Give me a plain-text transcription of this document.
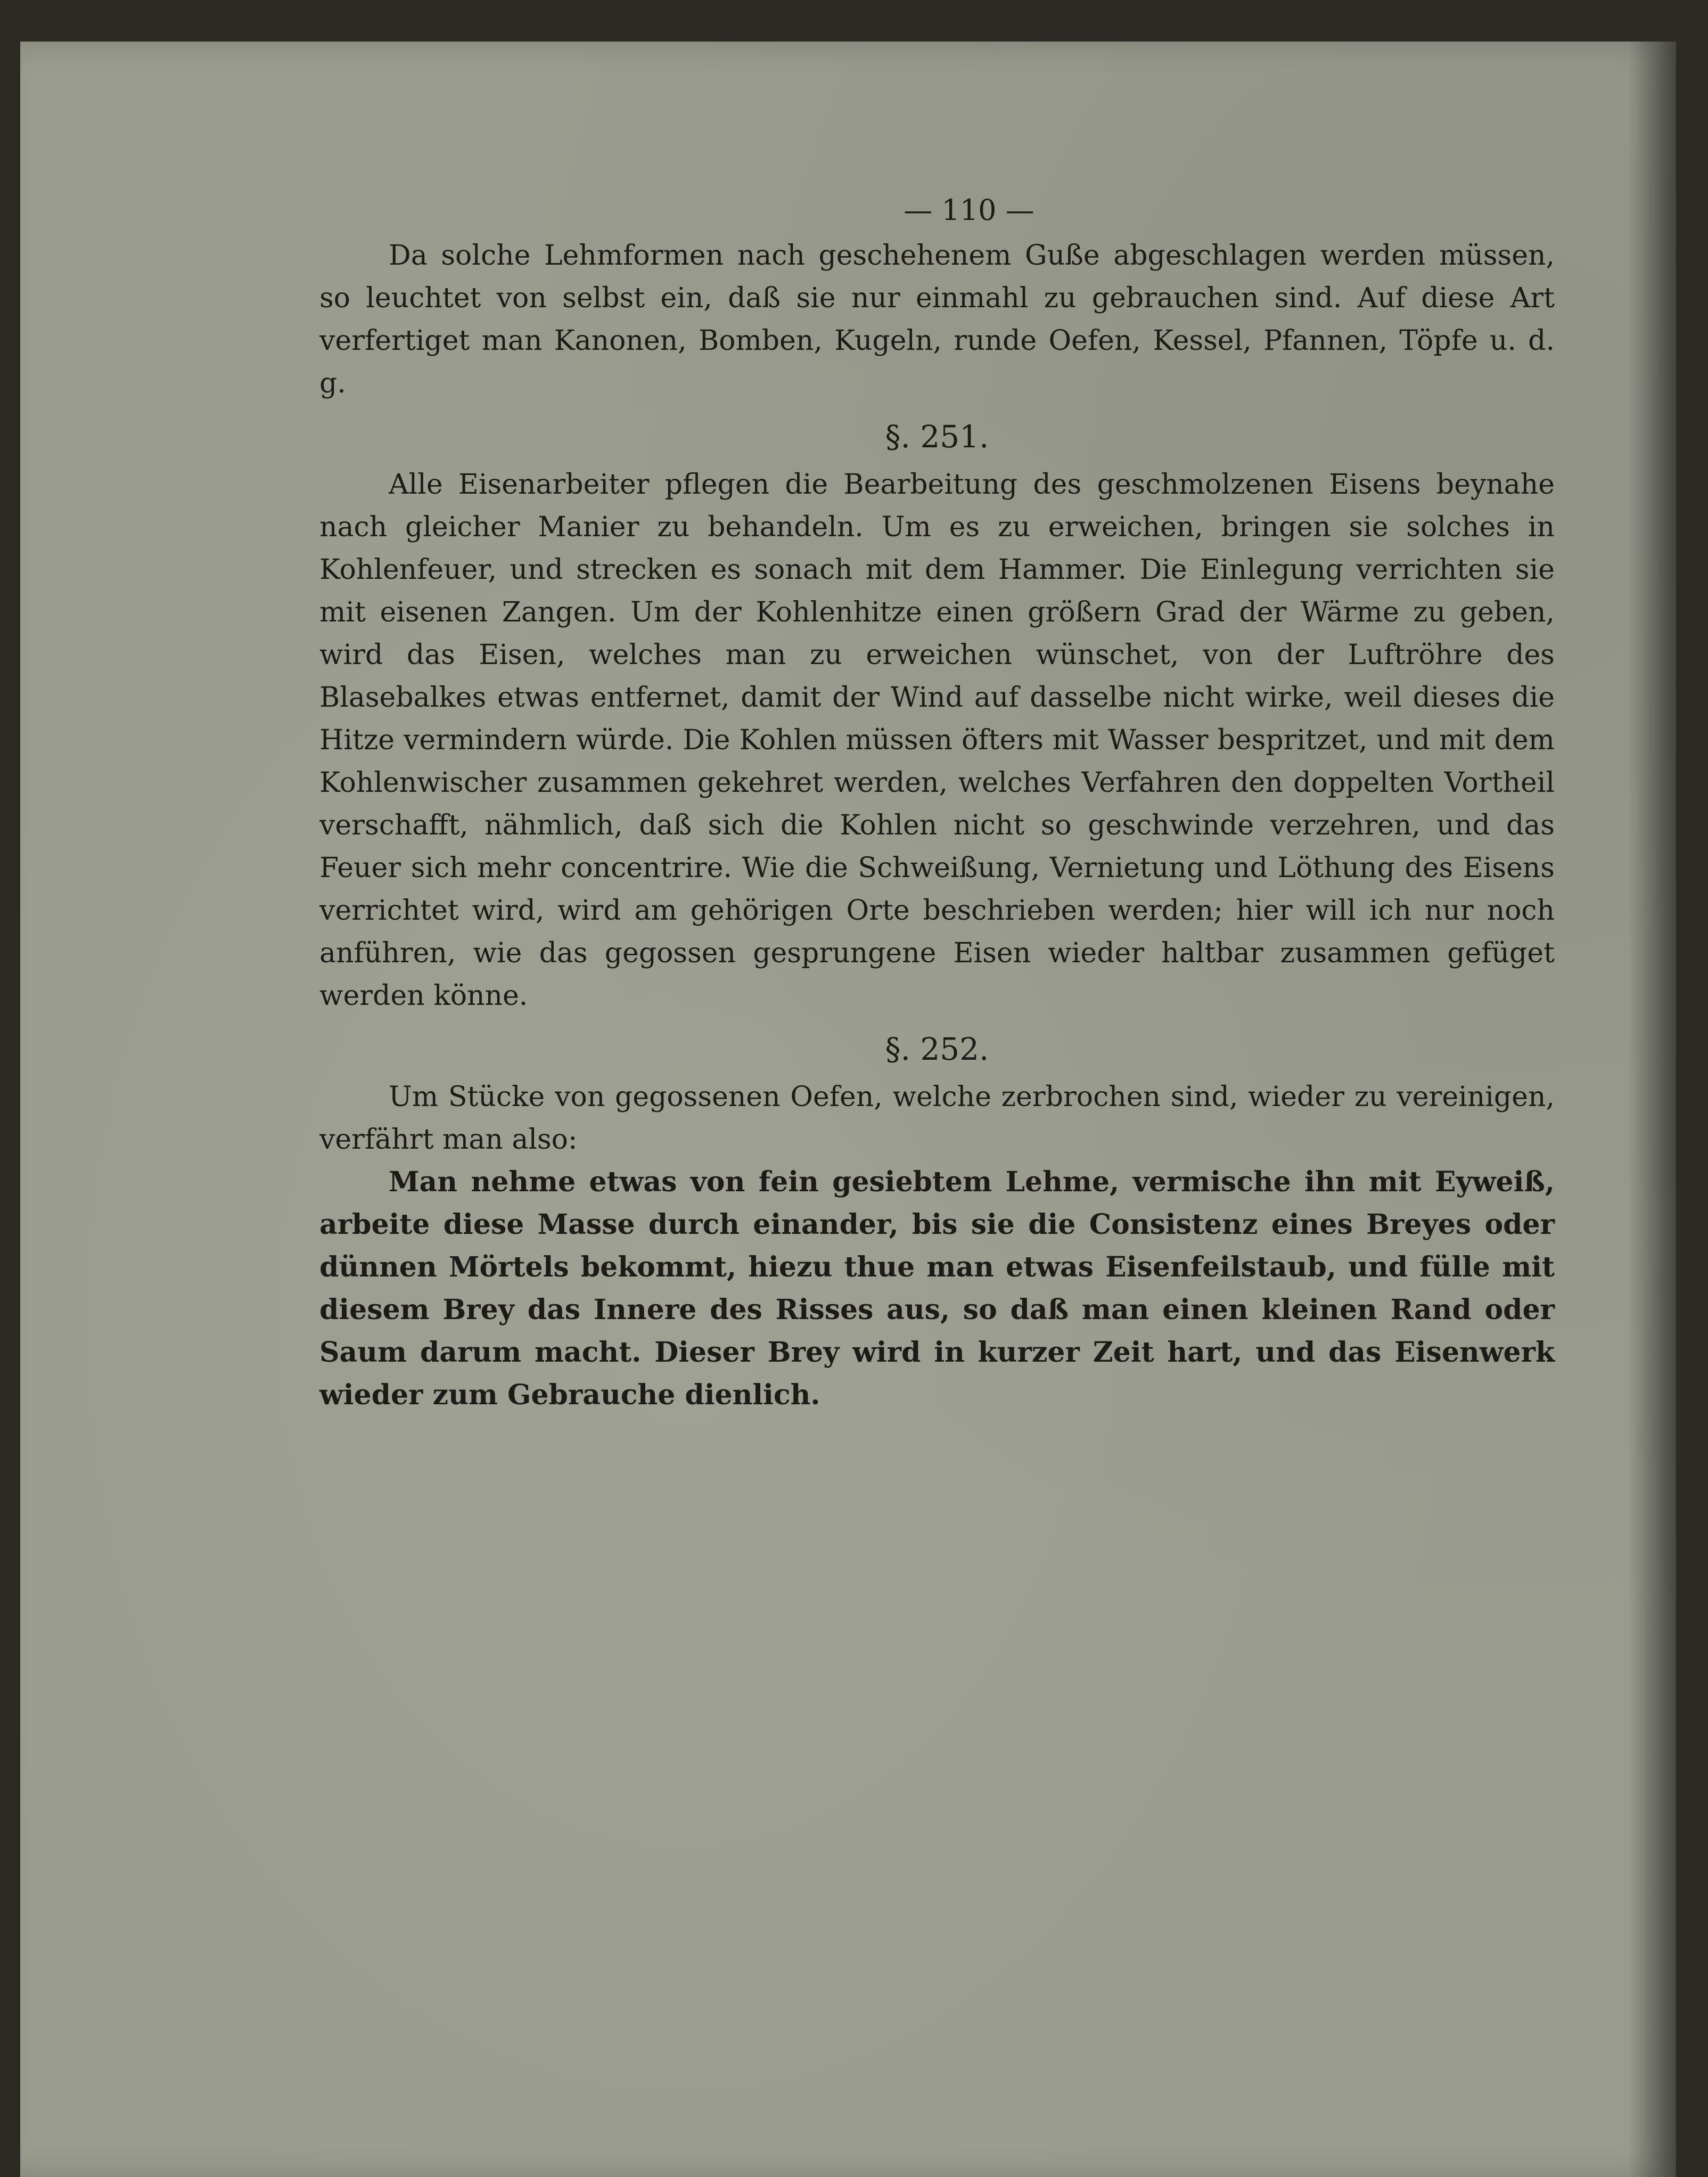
— 110 —

Da solche Lehmformen nach geschehenem Guße abgeschlagen werden müssen, so leuchtet von selbst ein, daß sie nur einmahl zu gebrauchen sind. Auf diese Art verfertiget man Kanonen, Bomben, Kugeln, runde Oefen, Kessel, Pfannen, Töpfe u. d. g.

§. 251.

Alle Eisenarbeiter pflegen die Bearbeitung des geschmolzenen Eisens beynahe nach gleicher Manier zu behandeln. Um es zu erweichen, bringen sie solches in Kohlenfeuer, und strecken es sonach mit dem Hammer. Die Einlegung verrichten sie mit eisenen Zangen. Um der Kohlenhitze einen größern Grad der Wärme zu geben, wird das Eisen, welches man zu erweichen wünschet, von der Luftröhre des Blasebalkes etwas entfernet, damit der Wind auf dasselbe nicht wirke, weil dieses die Hitze vermindern würde. Die Kohlen müssen öfters mit Wasser bespritzet, und mit dem Kohlenwischer zusammen gekehret werden, welches Verfahren den doppelten Vortheil verschafft, nähmlich, daß sich die Kohlen nicht so geschwinde verzehren, und das Feuer sich mehr concentrire. Wie die Schweißung, Vernietung und Löthung des Eisens verrichtet wird, wird am gehörigen Orte beschrieben werden; hier will ich nur noch anführen, wie das gegossen gesprungene Eisen wieder haltbar zusammen gefüget werden könne.

§. 252.

Um Stücke von gegossenen Oefen, welche zerbrochen sind, wieder zu vereinigen, verfährt man also:

Man nehme etwas von fein gesiebtem Lehme, vermische ihn mit Eyweiß, arbeite diese Masse durch einander, bis sie die Consistenz eines Breyes oder dünnen Mörtels bekommt, hiezu thue man etwas Eisenfeilstaub, und fülle mit diesem Brey das Innere des Risses aus, so daß man einen kleinen Rand oder Saum darum macht. Dieser Brey wird in kurzer Zeit hart, und das Eisenwerk wieder zum Gebrauche dienlich.
